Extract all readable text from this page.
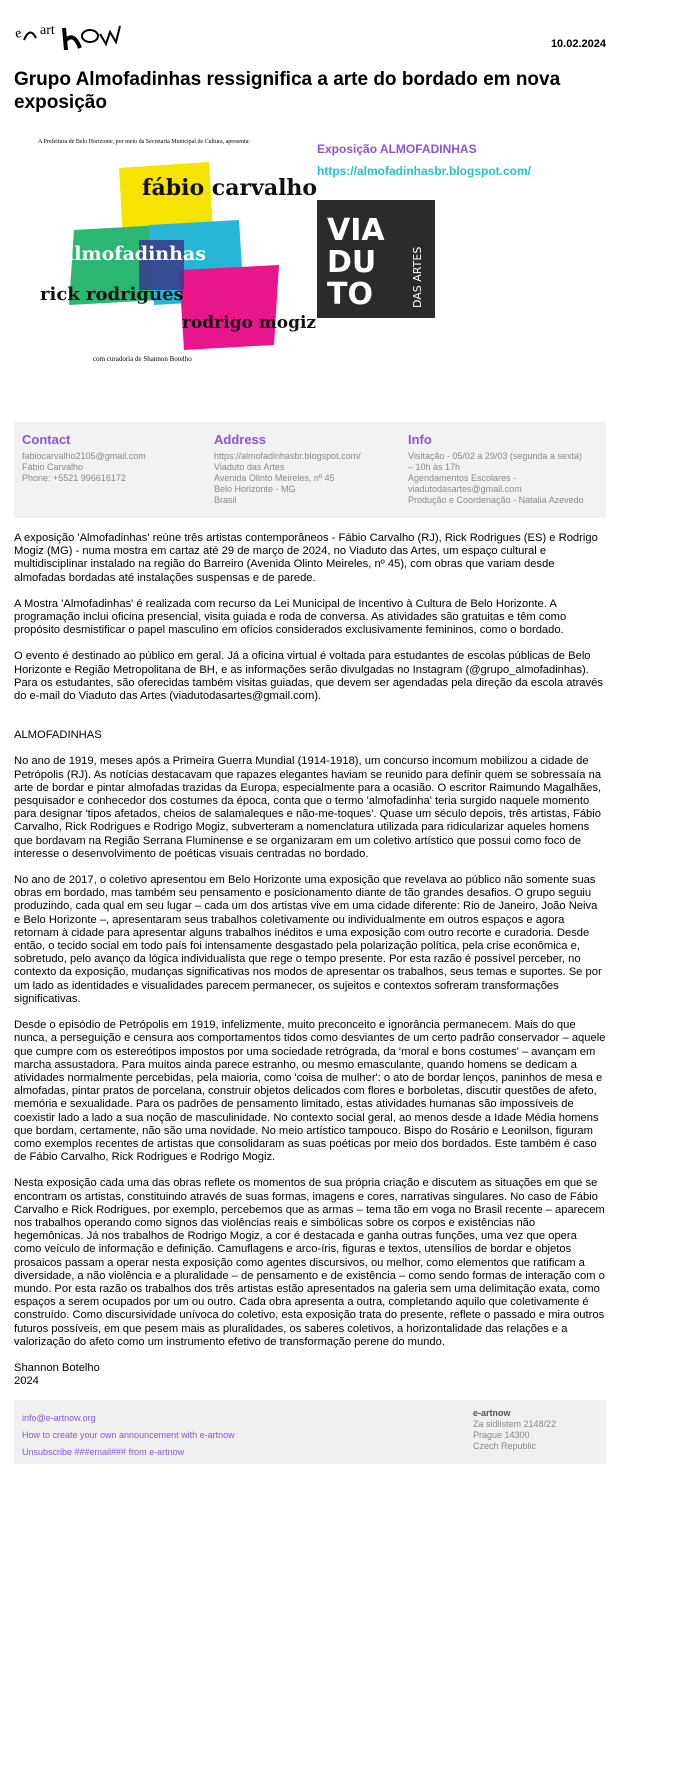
e art
10.02.2024
Grupo Almofadinhas ressignifica a arte do bordado em nova exposição
A Prefeitura de Belo Horizonte, por meio da Secretaria Municipal de Cultura, apresenta:
fábio carvalho
almofadinhas
rick rodrigues
rodrigo mogiz
com curadoria de Shannon Botelho
Exposição ALMOFADINHAS
https://almofadinhasbr.blogspot.com/
VIA
DU
TO	DAS ARTES
Contact
fabiocarvalho2105@gmail.com
Fábio Carvalho
Phone: +5521 996616172
Address
https://almofadinhasbr.blogspot.com/
Viaduto das Artes
Avenida Olinto Meireles, nº 45
Belo Horizonte - MG
Brasil
Info
Visitação - 05/02 a 29/03 (segunda a sexta)
– 10h às 17h
Agendamentos Escolares -
viadutodasartes@gmail.com
Produção e Coordenação - Natalia Azevedo

A exposição 'Almofadinhas' reúne três artistas contemporâneos - Fábio Carvalho (RJ), Rick Rodrigues (ES) e Rodrigo Mogiz (MG) - numa mostra em cartaz até 29 de março de 2024, no Viaduto das Artes, um espaço cultural e multidisciplinar instalado na região do Barreiro (Avenida Olinto Meireles, nº 45), com obras que variam desde almofadas bordadas até instalações suspensas e de parede.

A Mostra 'Almofadinhas' é realizada com recurso da Lei Municipal de Incentivo à Cultura de Belo Horizonte. A programação inclui oficina presencial, visita guiada e roda de conversa. As atividades são gratuitas e têm como propósito desmistificar o papel masculino em ofícios considerados exclusivamente femininos, como o bordado.

O evento é destinado ao público em geral. Já a oficina virtual é voltada para estudantes de escolas públicas de Belo Horizonte e Região Metropolitana de BH, e as informações serão divulgadas no Instagram (@grupo_almofadinhas). Para os estudantes, são oferecidas também visitas guiadas, que devem ser agendadas pela direção da escola através do e-mail do Viaduto das Artes (viadutodasartes@gmail.com).

ALMOFADINHAS

No ano de 1919, meses após a Primeira Guerra Mundial (1914-1918), um concurso incomum mobilizou a cidade de Petrópolis (RJ). As notícias destacavam que rapazes elegantes haviam se reunido para definir quem se sobressaía na arte de bordar e pintar almofadas trazidas da Europa, especialmente para a ocasião. O escritor Raimundo Magalhães, pesquisador e conhecedor dos costumes da época, conta que o termo 'almofadinha' teria surgido naquele momento para designar 'tipos afetados, cheios de salamaleques e não-me-toques'. Quase um século depois, três artistas, Fábio Carvalho, Rick Rodrigues e Rodrigo Mogiz, subverteram a nomenclatura utilizada para ridicularizar aqueles homens que bordavam na Região Serrana Fluminense e se organizaram em um coletivo artístico que possui como foco de interesse o desenvolvimento de poéticas visuais centradas no bordado.

No ano de 2017, o coletivo apresentou em Belo Horizonte uma exposição que revelava ao público não somente suas obras em bordado, mas também seu pensamento e posicionamento diante de tão grandes desafios. O grupo seguiu produzindo, cada qual em seu lugar – cada um dos artistas vive em uma cidade diferente: Rio de Janeiro, João Neiva e Belo Horizonte –, apresentaram seus trabalhos coletivamente ou individualmente em outros espaços e agora retornam à cidade para apresentar alguns trabalhos inéditos e uma exposição com outro recorte e curadoria. Desde então, o tecido social em todo país foi intensamente desgastado pela polarização política, pela crise econômica e, sobretudo, pelo avanço da lógica individualista que rege o tempo presente. Por esta razão é possível perceber, no contexto da exposição, mudanças significativas nos modos de apresentar os trabalhos, seus temas e suportes. Se por um lado as identidades e visualidades parecem permanecer, os sujeitos e contextos sofreram transformações significativas.

Desde o episódio de Petrópolis em 1919, infelizmente, muito preconceito e ignorância permanecem. Mais do que nunca, a perseguição e censura aos comportamentos tidos como desviantes de um certo padrão conservador – aquele que cumpre com os estereótipos impostos por uma sociedade retrógrada, da 'moral e bons costumes' – avançam em marcha assustadora. Para muitos ainda parece estranho, ou mesmo emasculante, quando homens se dedicam a atividades normalmente percebidas, pela maioria, como 'coisa de mulher': o ato de bordar lenços, paninhos de mesa e almofadas, pintar pratos de porcelana, construir objetos delicados com flores e borboletas, discutir questões de afeto, memória e sexualidade. Para os padrões de pensamento limitado, estas atividades humanas são impossíveis de coexistir lado a lado a sua noção de masculinidade. No contexto social geral, ao menos desde a Idade Média homens que bordam, certamente, não são uma novidade. No meio artístico tampouco. Bispo do Rosário e Leonilson, figuram como exemplos recentes de artistas que consolidaram as suas poéticas por meio dos bordados. Este também é caso de Fábio Carvalho, Rick Rodrigues e Rodrigo Mogiz.

Nesta exposição cada uma das obras reflete os momentos de sua própria criação e discutem as situações em que se encontram os artistas, constituindo através de suas formas, imagens e cores, narrativas singulares. No caso de Fábio Carvalho e Rick Rodrigues, por exemplo, percebemos que as armas – tema tão em voga no Brasil recente – aparecem nos trabalhos operando como signos das violências reais e simbólicas sobre os corpos e existências não hegemônicas. Já nos trabalhos de Rodrigo Mogiz, a cor é destacada e ganha outras funções, uma vez que opera como veículo de informação e definição. Camuflagens e arco-íris, figuras e textos, utensílios de bordar e objetos prosaicos passam a operar nesta exposição como agentes discursivos, ou melhor, como elementos que ratificam a diversidade, a não violência e a pluralidade – de pensamento e de existência – como sendo formas de interação com o mundo. Por esta razão os trabalhos dos três artistas estão apresentados na galeria sem uma delimitação exata, como espaços a serem ocupados por um ou outro. Cada obra apresenta a outra, completando aquilo que coletivamente é construído. Como discursividade unívoca do coletivo, esta exposição trata do presente, reflete o passado e mira outros futuros possíveis, em que pesem mais as pluralidades, os saberes coletivos, a horizontalidade das relações e a valorização do afeto como um instrumento efetivo de transformação perene do mundo.

Shannon Botelho
2024

info@e-artnow.org
How to create your own announcement with e-artnow
Unsubscribe ###email### from e-artnow
e-artnow
Za sidlistem 2148/22
Prague 14300
Czech Republic
